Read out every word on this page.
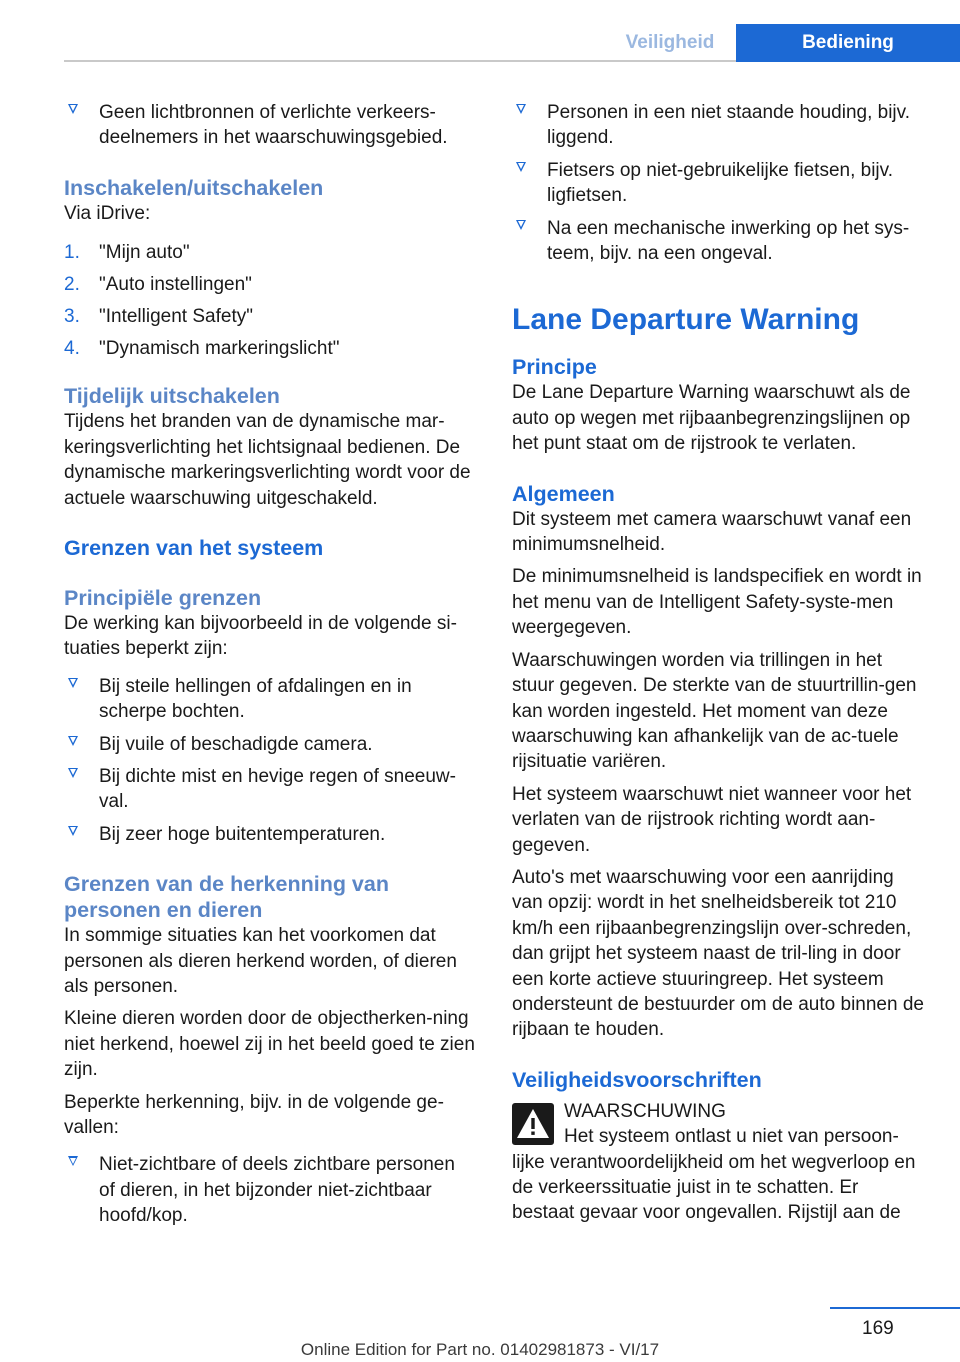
Veiligheid	Bediening
Geen lichtbronnen of verlichte verkeers‐deelnemers in het waarschuwingsgebied.
Inschakelen/uitschakelen

Via iDrive:

1. "Mijn auto"
2. "Auto instellingen"
3. "Intelligent Safety"
4. "Dynamisch markeringslicht"
Tijdelijk uitschakelen

Tijdens het branden van de dynamische mar‐keringsverlichting het lichtsignaal bedienen. De dynamische markeringsverlichting wordt voor de actuele waarschuwing uitgeschakeld.

Grenzen van het systeem
Principiële grenzen

De werking kan bijvoorbeeld in de volgende si‐tuaties beperkt zijn:

Bij steile hellingen of afdalingen en in scherpe bochten.
Bij vuile of beschadigde camera.
Bij dichte mist en hevige regen of sneeuw‐val.
Bij zeer hoge buitentemperaturen.
Grenzen van de herkenning van personen en dieren

In sommige situaties kan het voorkomen dat personen als dieren herkend worden, of dieren als personen.

Kleine dieren worden door de objectherken‐ning niet herkend, hoewel zij in het beeld goed te zien zijn.

Beperkte herkenning, bijv. in de volgende ge‐vallen:

Niet-zichtbare of deels zichtbare personen of dieren, in het bijzonder niet-zichtbaar hoofd/kop.
Personen in een niet staande houding, bijv. liggend.
Fietsers op niet-gebruikelijke fietsen, bijv. ligfietsen.
Na een mechanische inwerking op het sys‐teem, bijv. na een ongeval.
Lane Departure Warning
Principe

De Lane Departure Warning waarschuwt als de auto op wegen met rijbaanbegrenzingslijnen op het punt staat om de rijstrook te verlaten.

Algemeen

Dit systeem met camera waarschuwt vanaf een minimumsnelheid.

De minimumsnelheid is landspecifiek en wordt in het menu van de Intelligent Safety-syste‐men weergegeven.

Waarschuwingen worden via trillingen in het stuur gegeven. De sterkte van de stuurtrillin‐gen kan worden ingesteld. Het moment van deze waarschuwing kan afhankelijk van de ac‐tuele rijsituatie variëren.

Het systeem waarschuwt niet wanneer voor het verlaten van de rijstrook richting wordt aan‐gegeven.

Auto's met waarschuwing voor een aanrijding van opzij: wordt in het snelheidsbereik tot 210 km/h een rijbaanbegrenzingslijn over‐schreden, dan grijpt het systeem naast de tril‐ling in door een korte actieve stuuringreep. Het systeem ondersteunt de bestuurder om de auto binnen de rijbaan te houden.

Veiligheidsvoorschriften

WAARSCHUWING

Het systeem ontlast u niet van persoon‐

lijke verantwoordelijkheid om het wegverloop en de verkeerssituatie juist in te schatten. Er bestaat gevaar voor ongevallen. Rijstijl aan de

169
Online Edition for Part no. 01402981873 - VI/17
